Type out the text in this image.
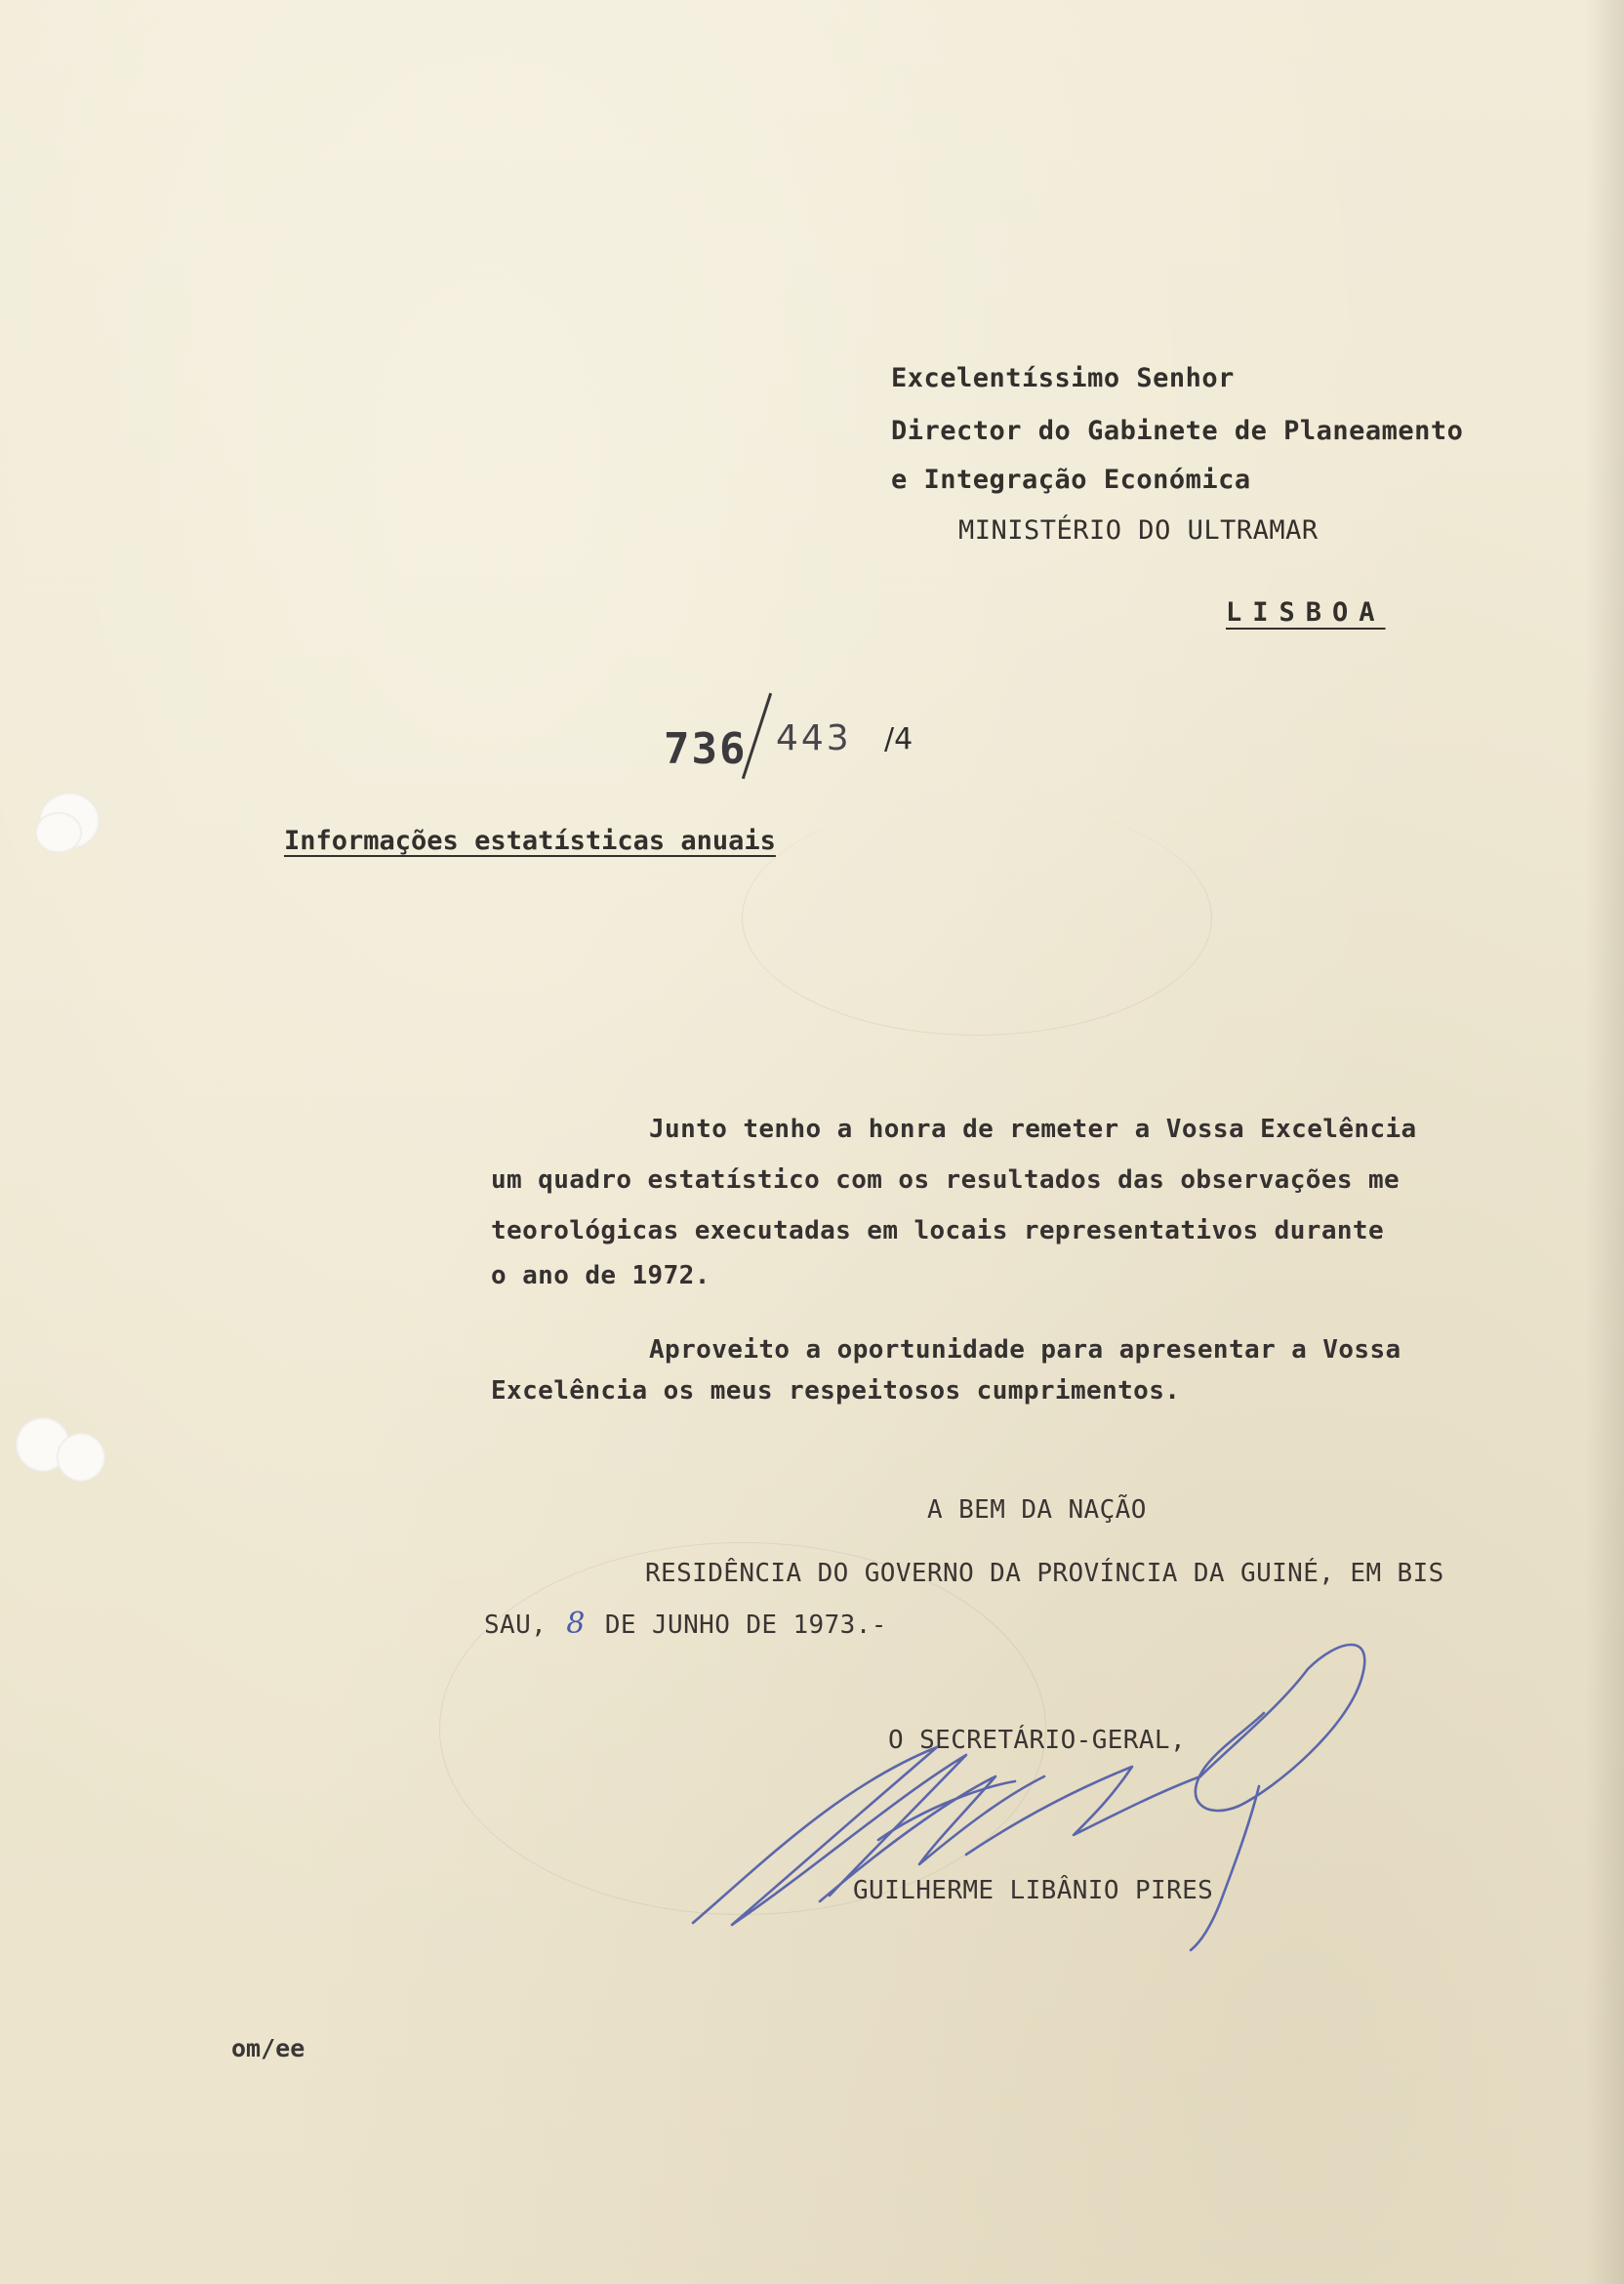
Excelentíssimo Senhor
Director do Gabinete de Planeamento
e Integração Económica
MINISTÉRIO DO ULTRAMAR
LISBOA
736 443 /4
Informações estatísticas anuais
Junto tenho a honra de remeter a Vossa Excelência
um quadro estatístico com os resultados das observações me
teorológicas executadas em locais representativos durante
o ano de 1972.
Aproveito a oportunidade para apresentar a Vossa
Excelência os meus respeitosos cumprimentos.
A BEM DA NAÇÃO
RESIDÊNCIA DO GOVERNO DA PROVÍNCIA DA GUINÉ, EM BIS
SAU, 8 DE JUNHO DE 1973.-
O SECRETÁRIO-GERAL,
GUILHERME LIBÂNIO PIRES
om/ee
